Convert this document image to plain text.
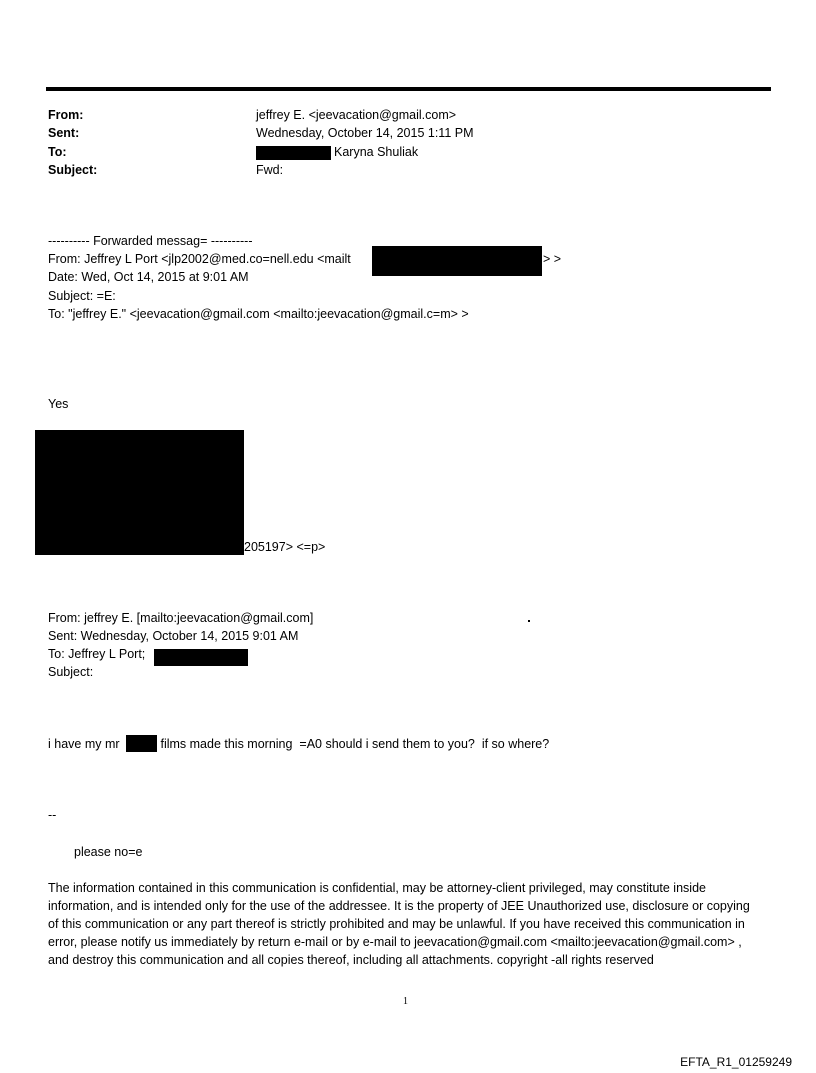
From:	jeffrey E. <jeevacation@gmail.com>
Sent:	Wednesday, October 14, 2015 1:11 PM
To:	Karyna Shuliak
Subject:	Fwd:
---------- Forwarded messag= ----------
From: Jeffrey L Port <jlp2002@med.co=nell.edu <mailt	> >
Date: Wed, Oct 14, 2015 at 9:01 AM
Subject: =E:
To: "jeffrey E." <jeevacation@gmail.com <mailto:jeevacation@gmail.c=m> >
Yes
205197> <=p>
From: jeffrey E. [mailto:jeevacation@gmail.com]
Sent: Wednesday, October 14, 2015 9:01 AM
To: Jeffrey L Port;
Subject:
i have my mr	films made this morning  =A0 should i send them to you?  if so where?
--
please no=e
The information contained in this communication is confidential, may be attorney-client privileged, may constitute inside information, and is intended only for the use of the addressee. It is the property of JEE Unauthorized use, disclosure or copying of this communication or any part thereof is strictly prohibited and may be unlawful. If you have received this communication in error, please notify us immediately by return e-mail or by e-mail to jeevacation@gmail.com <mailto:jeevacation@gmail.com> , and destroy this communication and all copies thereof, including all attachments. copyright -all rights reserved
1
EFTA_R1_01259249
